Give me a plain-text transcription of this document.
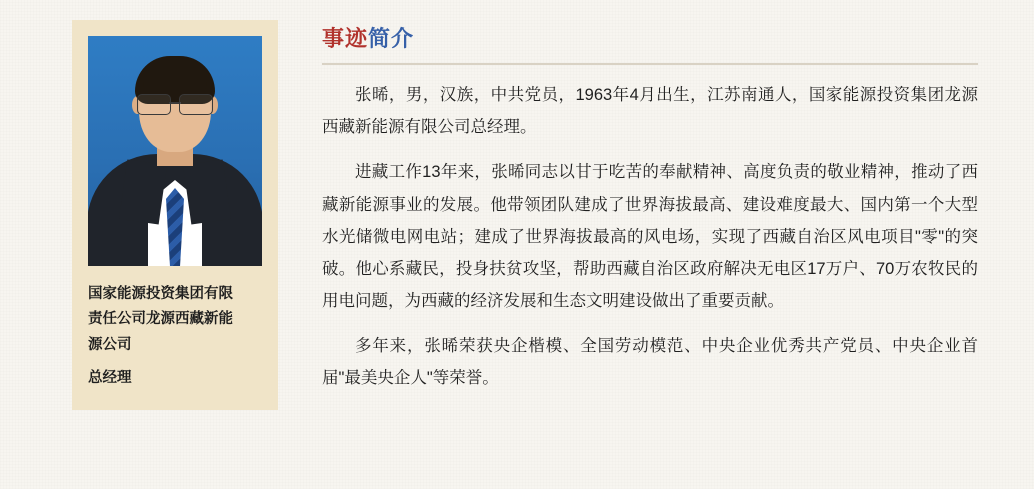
国家能源投资集团有限
责任公司龙源西藏新能
源公司
总经理
事迹简介

张晞，男，汉族，中共党员，1963年4月出生，江苏南通人，国家能源投资集团龙源西藏新能源有限公司总经理。

进藏工作13年来，张晞同志以甘于吃苦的奉献精神、高度负责的敬业精神，推动了西藏新能源事业的发展。他带领团队建成了世界海拔最高、建设难度最大、国内第一个大型水光储微电网电站；建成了世界海拔最高的风电场，实现了西藏自治区风电项目"零"的突破。他心系藏民，投身扶贫攻坚，帮助西藏自治区政府解决无电区17万户、70万农牧民的用电问题，为西藏的经济发展和生态文明建设做出了重要贡献。

多年来，张晞荣获央企楷模、全国劳动模范、中央企业优秀共产党员、中央企业首届"最美央企人"等荣誉。
